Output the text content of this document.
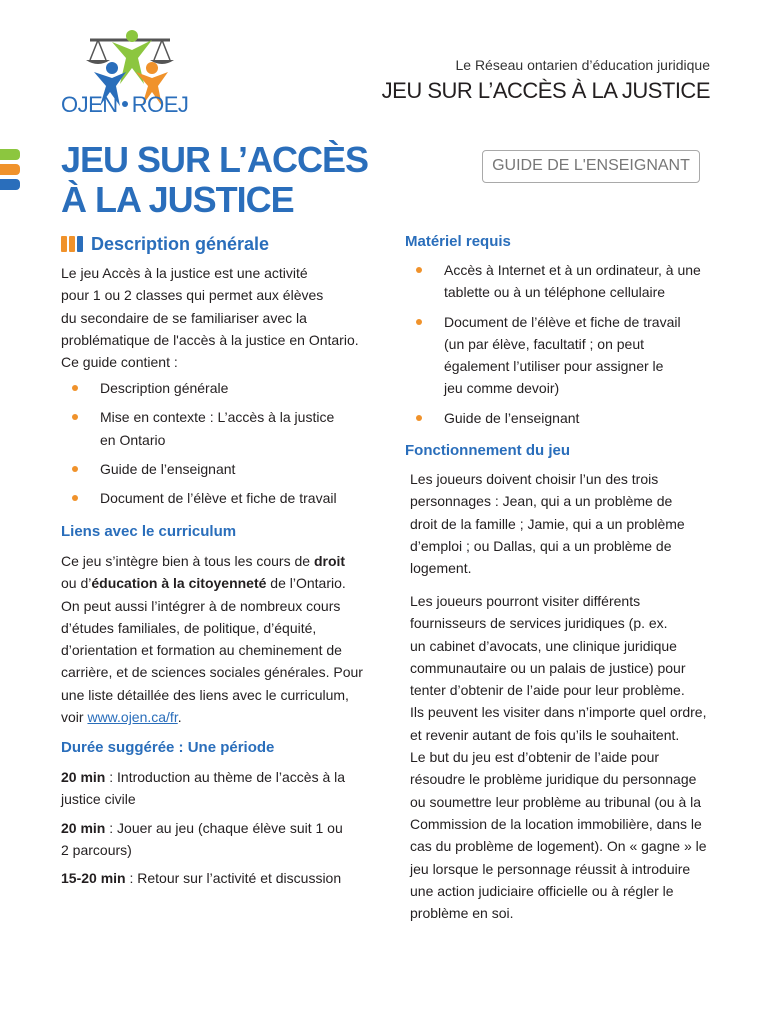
OJEN ROEJ
Le Réseau ontarien d’éducation juridique
JEU SUR L’ACCÈS À LA JUSTICE
JEU SUR L’ACCÈS
À LA JUSTICE
GUIDE DE L'ENSEIGNANT
Description générale
Le jeu Accès à la justice est une activité
pour 1 ou 2 classes qui permet aux élèves
du secondaire de se familiariser avec la
problématique de l'accès à la justice en Ontario.
Ce guide contient :
Description générale
Mise en contexte : L’accès à la justice
en Ontario
Guide de l’enseignant
Document de l’élève et fiche de travail
Liens avec le curriculum
Ce jeu s’intègre bien à tous les cours de droit
ou d’éducation à la citoyenneté de l’Ontario.
On peut aussi l’intégrer à de nombreux cours
d’études familiales, de politique, d’équité,
d’orientation et formation au cheminement de
carrière, et de sciences sociales générales. Pour
une liste détaillée des liens avec le curriculum,
voir www.ojen.ca/fr.
Durée suggérée : Une période
20 min : Introduction au thème de l’accès à la
justice civile
20 min : Jouer au jeu (chaque élève suit 1 ou
2 parcours)
15-20 min : Retour sur l’activité et discussion
Matériel requis
Accès à Internet et à un ordinateur, à une
tablette ou à un téléphone cellulaire
Document de l’élève et fiche de travail
(un par élève, facultatif ; on peut
également l’utiliser pour assigner le
jeu comme devoir)
Guide de l’enseignant
Fonctionnement du jeu
Les joueurs doivent choisir l’un des trois
personnages : Jean, qui a un problème de
droit de la famille ; Jamie, qui a un problème
d’emploi ; ou Dallas, qui a un problème de
logement.
Les joueurs pourront visiter différents
fournisseurs de services juridiques (p. ex.
un cabinet d’avocats, une clinique juridique
communautaire ou un palais de justice) pour
tenter d’obtenir de l’aide pour leur problème.
Ils peuvent les visiter dans n’importe quel ordre,
et revenir autant de fois qu’ils le souhaitent.
Le but du jeu est d’obtenir de l’aide pour
résoudre le problème juridique du personnage
ou soumettre leur problème au tribunal (ou à la
Commission de la location immobilière, dans le
cas du problème de logement). On « gagne » le
jeu lorsque le personnage réussit à introduire
une action judiciaire officielle ou à régler le
problème en soi.
